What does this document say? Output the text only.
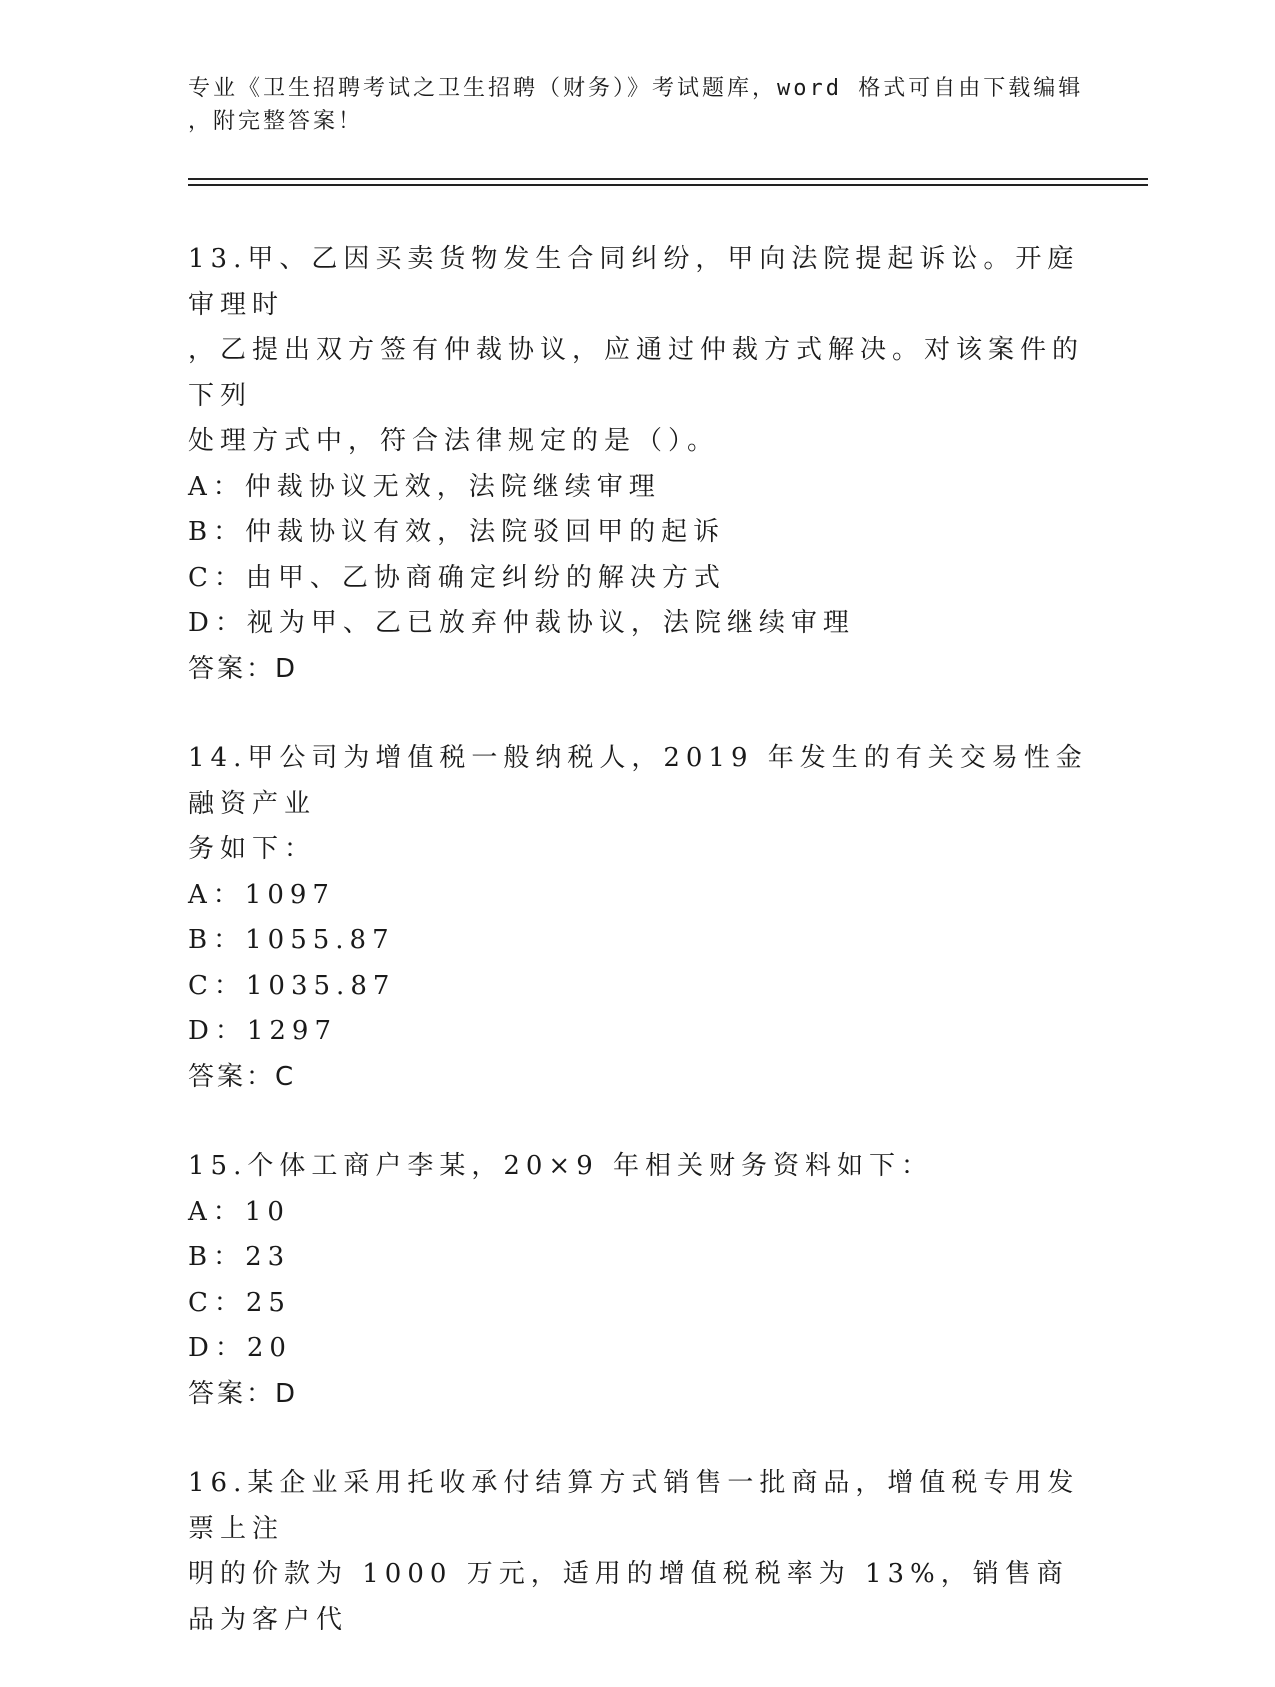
专业《卫生招聘考试之卫生招聘（财务）》考试题库，word 格式可自由下载编辑
，附完整答案！

13.甲、乙因买卖货物发生合同纠纷，甲向法院提起诉讼。开庭审理时

，乙提出双方签有仲裁协议，应通过仲裁方式解决。对该案件的下列

处理方式中，符合法律规定的是（）。

A：仲裁协议无效，法院继续审理

B：仲裁协议有效，法院驳回甲的起诉

C：由甲、乙协商确定纠纷的解决方式

D：视为甲、乙已放弃仲裁协议，法院继续审理

答案：D

14.甲公司为增值税一般纳税人，2019 年发生的有关交易性金融资产业

务如下：

A：1097

B：1055.87

C：1035.87

D：1297

答案：C

15.个体工商户李某，20×9 年相关财务资料如下：

A：10

B：23

C：25

D：20

答案：D

16.某企业采用托收承付结算方式销售一批商品，增值税专用发票上注

明的价款为 1000 万元，适用的增值税税率为 13%，销售商品为客户代
